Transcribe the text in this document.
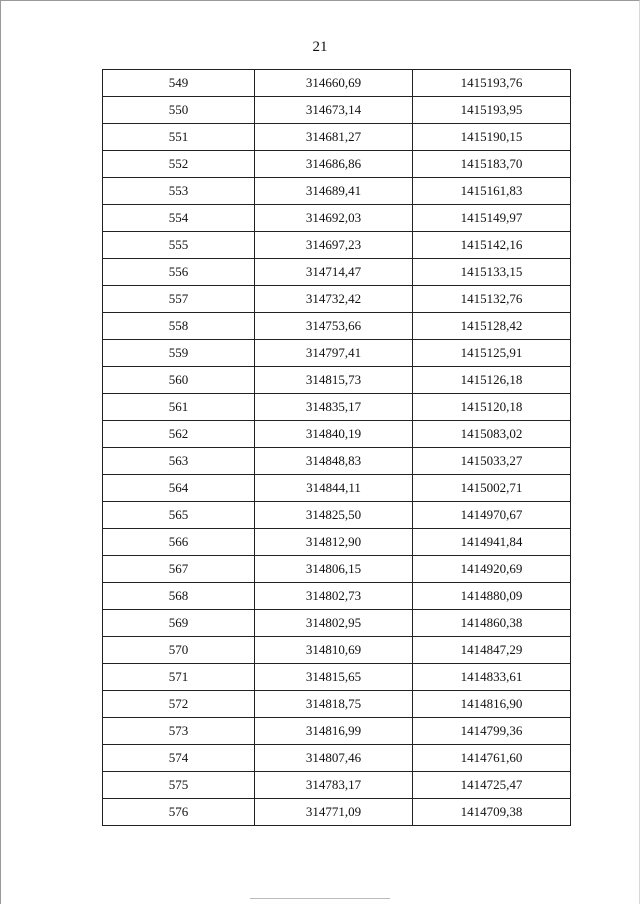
21
549	314660,69	1415193,76
550	314673,14	1415193,95
551	314681,27	1415190,15
552	314686,86	1415183,70
553	314689,41	1415161,83
554	314692,03	1415149,97
555	314697,23	1415142,16
556	314714,47	1415133,15
557	314732,42	1415132,76
558	314753,66	1415128,42
559	314797,41	1415125,91
560	314815,73	1415126,18
561	314835,17	1415120,18
562	314840,19	1415083,02
563	314848,83	1415033,27
564	314844,11	1415002,71
565	314825,50	1414970,67
566	314812,90	1414941,84
567	314806,15	1414920,69
568	314802,73	1414880,09
569	314802,95	1414860,38
570	314810,69	1414847,29
571	314815,65	1414833,61
572	314818,75	1414816,90
573	314816,99	1414799,36
574	314807,46	1414761,60
575	314783,17	1414725,47
576	314771,09	1414709,38
